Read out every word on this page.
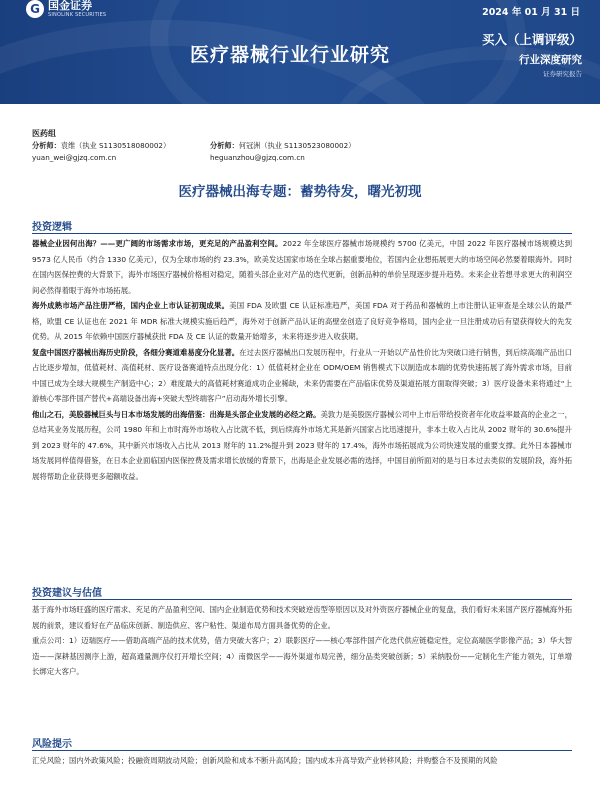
G 国金证券
SINOLINK SECURITIES	2024 年 01 月 31 日
医疗器械行业行业研究
买入（上调评级）
行业深度研究
证券研究报告
医药组
分析师：袁维（执业 S1130518080002）
yuan_wei@gjzq.com.cn
分析师：何冠洲（执业 S1130523080002）
heguanzhou@gjzq.com.cn
医疗器械出海专题：蓄势待发，曙光初现
投资逻辑

器械企业因何出海？——更广阔的市场需求市场，更充足的产品盈利空间。2022 年全球医疗器械市场规模约 5700 亿美元，中国 2022 年医疗器械市场规模达到 9573 亿人民币（约合 1330 亿美元），仅为全球市场的约 23.3%，欧美发达国家市场在全球占据重要地位，若国内企业想拓展更大的市场空间必然要着眼海外。同时在国内医保控费的大背景下，海外市场医疗器械价格相对稳定，随着头部企业对产品的迭代更新，创新品种的单价呈现逐步提升趋势。未来企业若想寻求更大的利润空间必然得着眼于海外市场拓展。

海外成熟市场产品注册严格，国内企业上市认证初现成果。美国 FDA 及欧盟 CE 认证标准趋严，美国 FDA 对于药品和器械的上市注册认证审查是全球公认的最严格，欧盟 CE 认证也在 2021 年 MDR 标准大规模实施后趋严，海外对于创新产品认证的高壁垒创造了良好竞争格局，国内企业一旦注册成功后有望获得较大的先发优势。从 2015 年依赖中国医疗器械获批 FDA 及 CE 认证的数量开始增多，未来将逐步进入收获期。

复盘中国医疗器械出海历史阶段，各细分赛道难易度分化显著。在过去医疗器械出口发展历程中，行业从一开始以产品性价比为突破口进行销售，到后续高端产品出口占比逐步增加，低值耗材、高值耗材、医疗设备赛道特点出现分化：1）低值耗材企业在 ODM/OEM 销售模式下以制造成本端的优势快速拓展了海外需求市场，目前中国已成为全球大规模生产制造中心；2）难度最大的高值耗材赛道成功企业稀缺，未来仍需要在产品临床优势及渠道拓展方面取得突破；3）医疗设备未来将通过“上游核心零部件国产替代+高端设备出海+突破大型终端客户”启动海外增长引擎。

他山之石，美股器械巨头与日本市场发展的出海借鉴：出海是头部企业发展的必经之路。美敦力是美股医疗器械公司中上市后带给投资者年化收益率最高的企业之一，总结其业务发展历程，公司 1980 年和上市时海外市场收入占比就不低，到后续海外市场尤其是新兴国家占比迅速提升，非本土收入占比从 2002 财年的 30.6%提升到 2023 财年的 47.6%，其中新兴市场收入占比从 2013 财年的 11.2%提升到 2023 财年的 17.4%，海外市场拓展成为公司快速发展的重要支撑。此外日本器械市场发展同样值得借鉴，在日本企业面临国内医保控费及需求增长放缓的背景下，出海是企业发展必需的选择，中国目前所面对的是与日本过去类似的发展阶段，海外拓展将帮助企业获得更多超额收益。

投资建议与估值

基于海外市场旺盛的医疗需求、充足的产品盈利空间、国内企业制造优势和技术突破逆齿型等原因以及对外资医疗器械企业的复盘，我们看好未来国产医疗器械海外拓展的前景，建议看好在产品临床创新、制造供应、客户粘性、渠道布局方面具备优势的企业。

重点公司：1）迈瑞医疗——借助高端产品的技术优势，借力突破大客户；2）联影医疗——核心零部件国产化迭代供应链稳定性，定位高端医学影像产品；3）华大智造——深耕基因测序上游，超高通量测序仪打开增长空间；4）南微医学——海外渠道布局完善，细分品类突破创新；5）采纳股份——定制化生产能力领先，订单增长绑定大客户。

风险提示

汇兑风险；国内外政策风险；投融资周期波动风险；创新风险和成本不断升高风险；国内成本升高导致产业转移风险；并购整合不及预期的风险
